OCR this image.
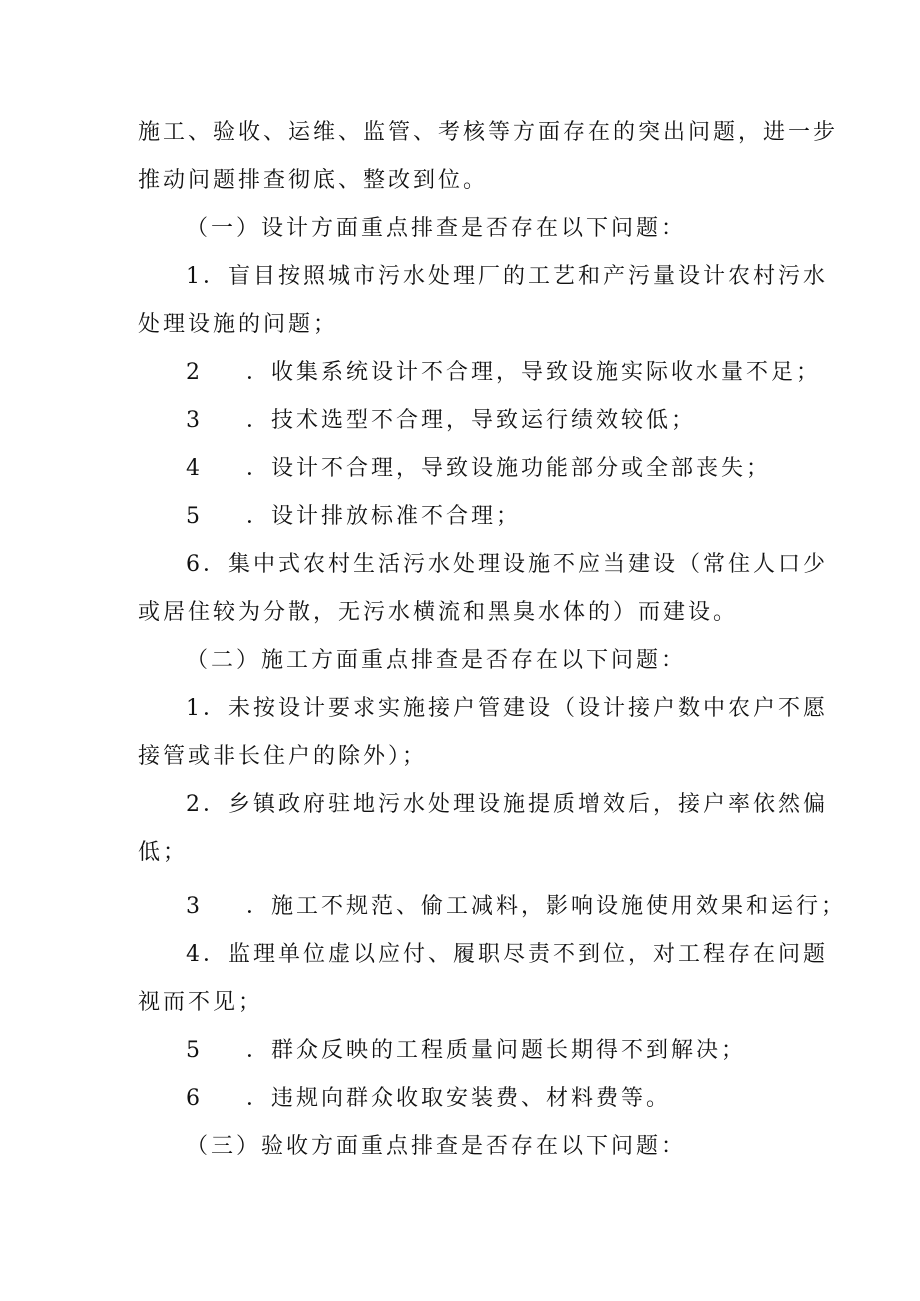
施工、验收、运维、监管、考核等方面存在的突出问题，进一步
推动问题排查彻底、整改到位。
（一）设计方面重点排查是否存在以下问题：
1．盲目按照城市污水处理厂的工艺和产污量设计农村污水
处理设施的问题；
2 ．收集系统设计不合理，导致设施实际收水量不足；
3 ．技术选型不合理，导致运行绩效较低；
4 ．设计不合理，导致设施功能部分或全部丧失；
5 ．设计排放标准不合理；
6．集中式农村生活污水处理设施不应当建设（常住人口少
或居住较为分散，无污水横流和黑臭水体的）而建设。
（二）施工方面重点排查是否存在以下问题：
1．未按设计要求实施接户管建设（设计接户数中农户不愿
接管或非长住户的除外）；
2．乡镇政府驻地污水处理设施提质增效后，接户率依然偏
低；
3 ．施工不规范、偷工减料，影响设施使用效果和运行；
4．监理单位虚以应付、履职尽责不到位，对工程存在问题
视而不见；
5 ．群众反映的工程质量问题长期得不到解决；
6 ．违规向群众收取安装费、材料费等。
（三）验收方面重点排查是否存在以下问题：
